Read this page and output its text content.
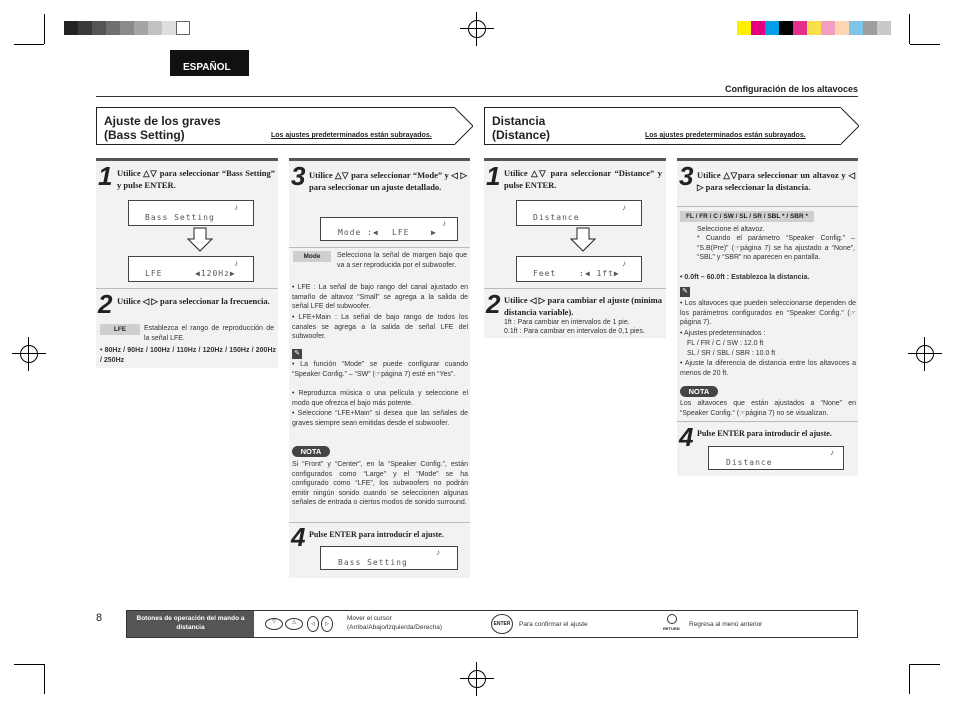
ESPAÑOL
Configuración de los altavoces
Ajuste de los graves
(Bass Setting)	Los ajustes predeterminados están subrayados.
Distancia
(Distance)	Los ajustes predeterminados están subrayados.
1 Utilice △▽ para seleccionar “Bass Setting” y pulse ENTER.
Bass Setting
♪
LFE	◀120Hz▶
♪
2 Utilice ◁ ▷ para seleccionar la frecuencia.
LFE	Establezca el rango de reproducción de la señal LFE.
• 80Hz / 90Hz / 100Hz / 110Hz / 120Hz / 150Hz / 200Hz / 250Hz
3 Utilice △▽ para seleccionar “Mode” y ◁ ▷ para seleccionar un ajuste detallado.
Mode :◀ LFE	▶
♪
Mode	Selecciona la señal de margen bajo que va a ser reproducida por el subwoofer.
• LFE : La señal de bajo rango del canal ajustado en tamaño de altavoz “Small” se agrega a la salida de señal LFE del subwoofer.
• LFE+Main : La señal de bajo rango de todos los canales se agrega a la salida de señal LFE del subwoofer.
✎
• La función “Mode” se puede configurar cuando “Speaker Config.” – “SW” (☞página 7) esté en “Yes”.
• Reproduzca música o una película y seleccione el modo que ofrezca el bajo más potente.
• Seleccione “LFE+Main” si desea que las señales de graves siempre sean emitidas desde el subwoofer.
NOTA
Si “Front” y “Center”, en la “Speaker Config.”, están configurados como “Large” y el “Mode” se ha configurado como “LFE”, los subwoofers no podrán emitir ningún sonido cuando se seleccionen algunas señales de entrada o ciertos modos de sonido surround.
4 Pulse ENTER para introducir el ajuste.
Bass Setting
♪
1 Utilice △▽ para seleccionar “Distance” y pulse ENTER.
Distance
♪
Feet	:◀ 1ft▶
♪
2 Utilice ◁ ▷ para cambiar el ajuste (mínima distancia variable).
1ft : Para cambiar en intervalos de 1 pie.
0.1ft : Para cambiar en intervalos de 0,1 pies.
3 Utilice △▽para seleccionar un altavoz y ◁ ▷ para seleccionar la distancia.
FL / FR / C / SW / SL / SR / SBL * / SBR *
Seleccione el altavoz.
* Cuando el parámetro “Speaker Config.” – “S.B(Pre)” (☞página 7) se ha ajustado a “None”, “SBL” y “SBR” no aparecen en pantalla.
• 0.0ft – 60.0ft : Establezca la distancia.
✎
• Los altavoces que pueden seleccionarse dependen de los parámetros configurados en “Speaker Config.” (☞página 7).
• Ajustes predeterminados :
FL / FR / C / SW : 12.0 ft
SL / SR / SBL / SBR : 10.0 ft
• Ajuste la diferencia de distancia entre los altavoces a menos de 20 ft.
NOTA
Los altavoces que están ajustados a “None” en “Speaker Config.” (☞página 7) no se visualizan.
4 Pulse ENTER para introducir el ajuste.
Distance
♪
8	Botones de operación del mando a distancia
▽	△	◁	▷
Mover el cursor (Arriba/Abajo/Izquierda/Derecha)	ENTER	Para confirmar el ajuste
RETURN
Regresa al menú anterior
